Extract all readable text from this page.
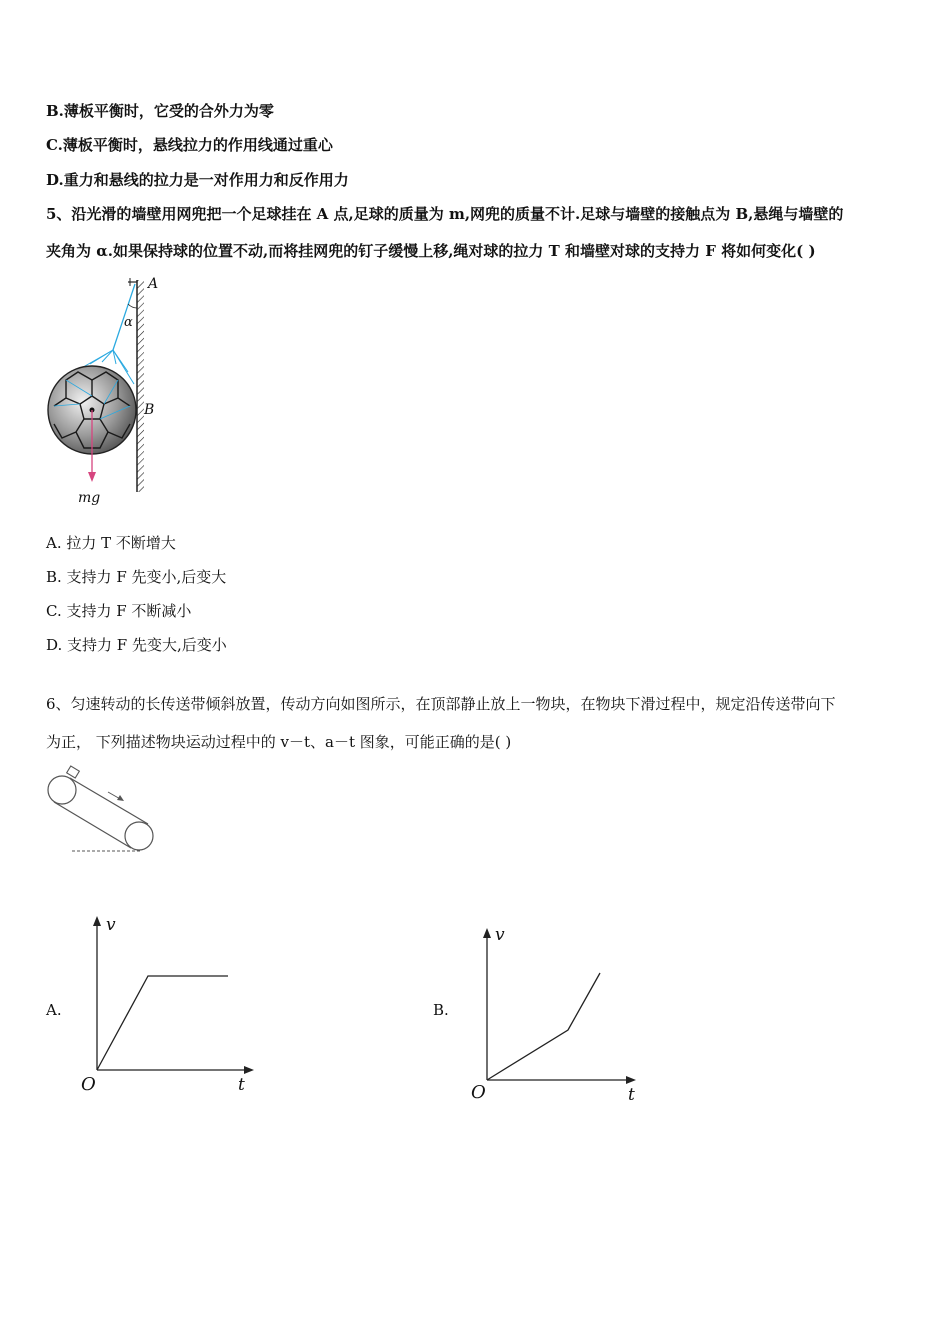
B.薄板平衡时，它受的合外力为零
C.薄板平衡时，悬线拉力的作用线通过重心
D.重力和悬线的拉力是一对作用力和反作用力
5、沿光滑的墙壁用网兜把一个足球挂在 A 点,足球的质量为 m,网兜的质量不计.足球与墙壁的接触点为 B,悬绳与墙壁的
夹角为 α.如果保持球的位置不动,而将挂网兜的钉子缓慢上移,绳对球的拉力 T 和墙壁对球的支持力 F 将如何变化( )
A
α
B
mg
A. 拉力 T 不断增大
B. 支持力 F 先变小,后变大
C. 支持力 F 不断减小
D. 支持力 F 先变大,后变小
6、匀速转动的长传送带倾斜放置，传动方向如图所示，在顶部静止放上一物块，在物块下滑过程中，规定沿传送带向下
为正， 下列描述物块运动过程中的 v－t、a－t 图象，可能正确的是( )
A.
v
t
O
B.
v
t
O
